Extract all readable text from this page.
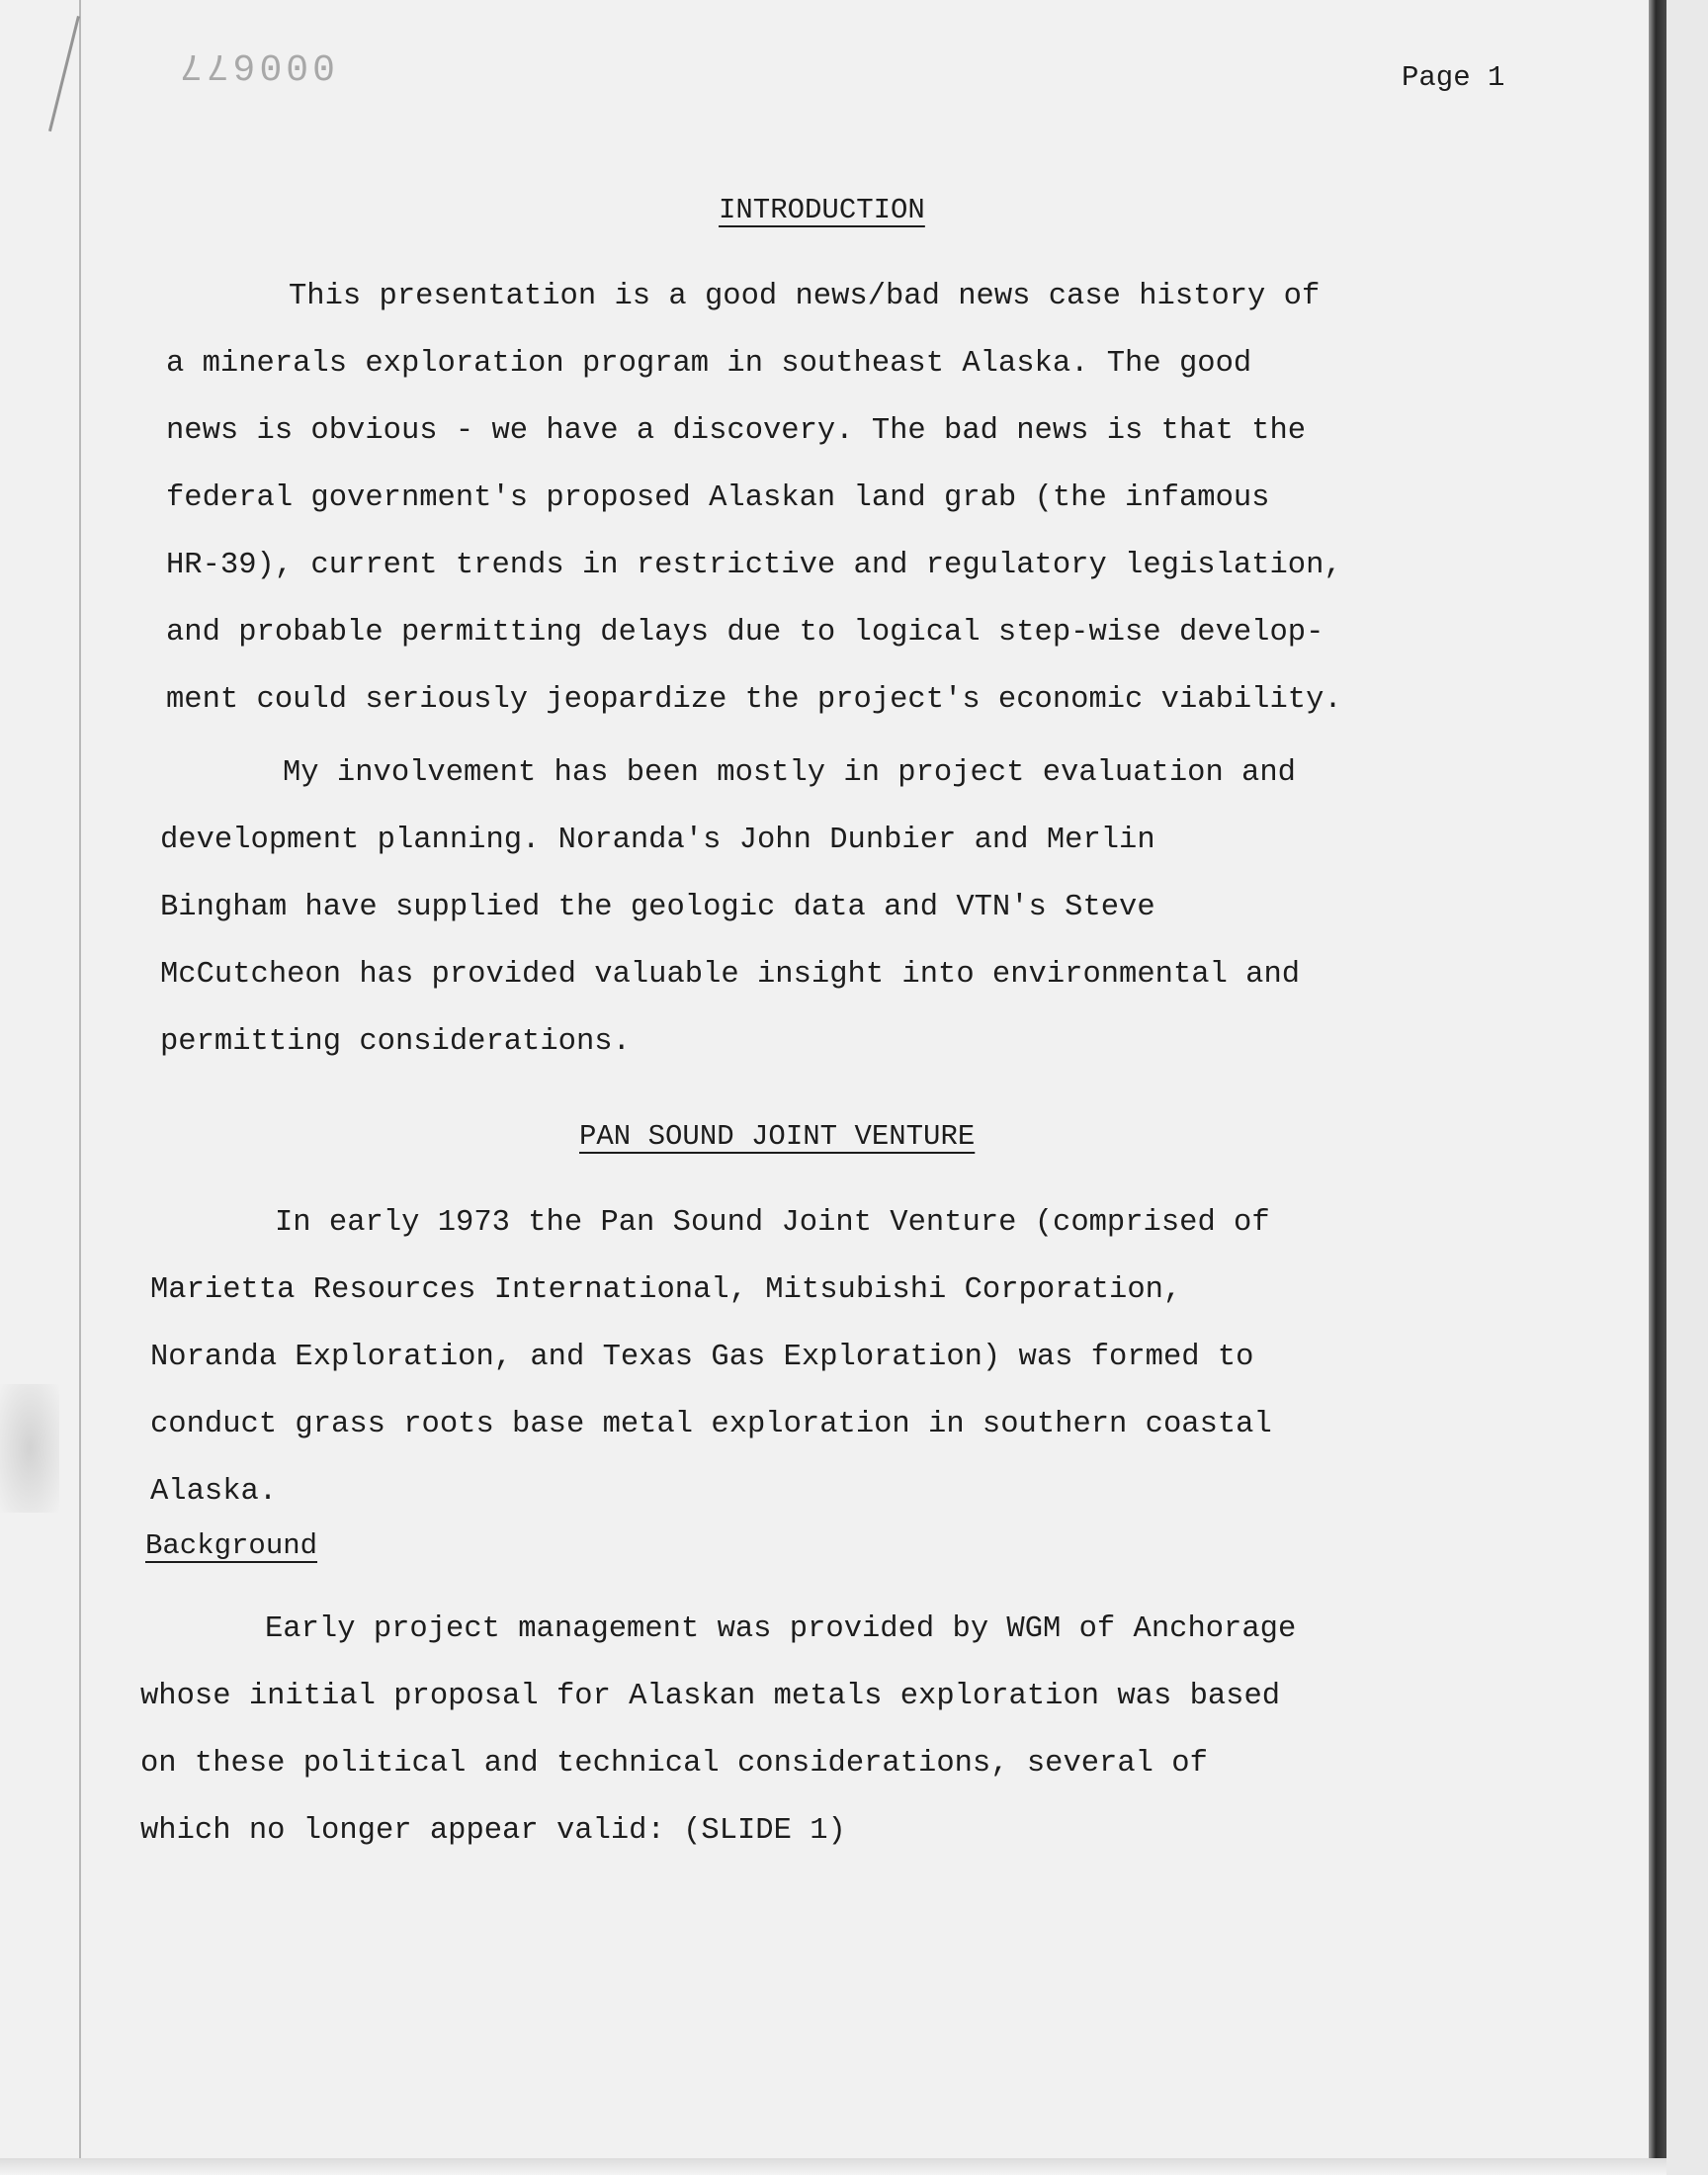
000677	Page 1
INTRODUCTION
This presentation is a good news/bad news case history of
a minerals exploration program in southeast Alaska. The good
news is obvious - we have a discovery. The bad news is that the
federal government's proposed Alaskan land grab (the infamous
HR-39), current trends in restrictive and regulatory legislation,
and probable permitting delays due to logical step-wise develop-
ment could seriously jeopardize the project's economic viability.
My involvement has been mostly in project evaluation and
development planning. Noranda's John Dunbier and Merlin
Bingham have supplied the geologic data and VTN's Steve
McCutcheon has provided valuable insight into environmental and
permitting considerations.
PAN SOUND JOINT VENTURE
In early 1973 the Pan Sound Joint Venture (comprised of
Marietta Resources International, Mitsubishi Corporation,
Noranda Exploration, and Texas Gas Exploration) was formed to
conduct grass roots base metal exploration in southern coastal
Alaska.
Background
Early project management was provided by WGM of Anchorage
whose initial proposal for Alaskan metals exploration was based
on these political and technical considerations, several of
which no longer appear valid: (SLIDE 1)
